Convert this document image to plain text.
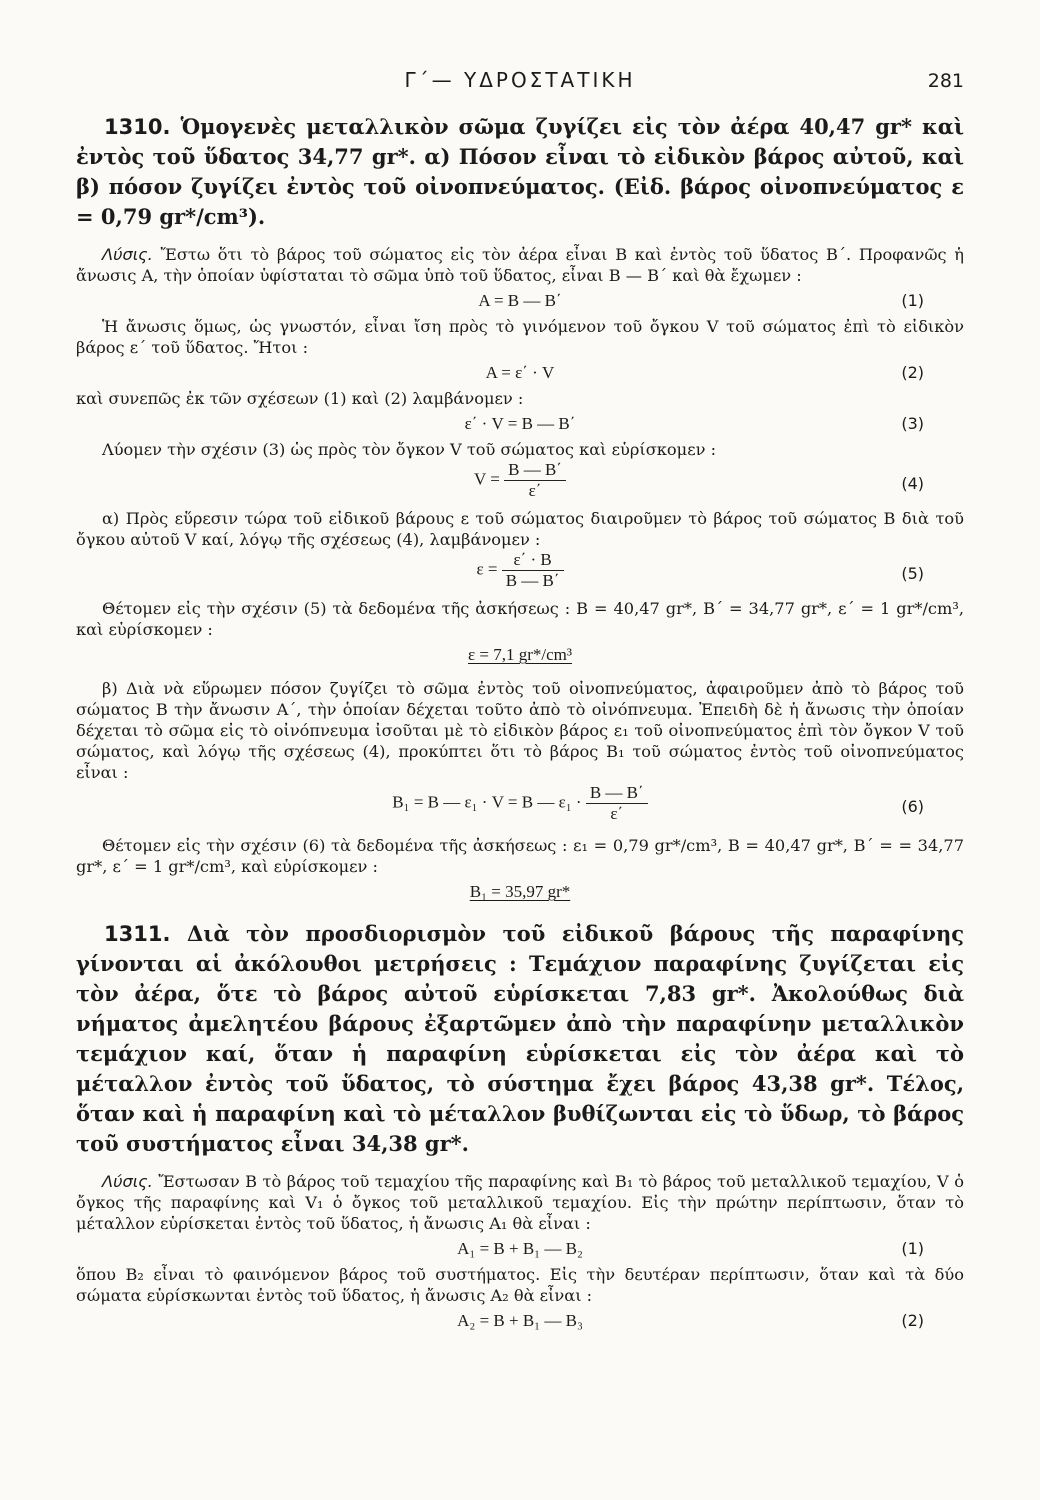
Γ΄— ΥΔΡΟΣΤΑΤΙΚΗ	281
1310. Ὁμογενὲς μεταλλικὸν σῶμα ζυγίζει εἰς τὸν ἀέρα 40,47 gr* καὶ ἐντὸς τοῦ ὕδατος 34,77 gr*. α) Πόσον εἶναι τὸ εἰδικὸν βάρος αὐτοῦ, καὶ β) πόσον ζυγίζει ἐντὸς τοῦ οἰνοπνεύματος. (Εἰδ. βάρος οἰνοπνεύματος ε = 0,79 gr*/cm³).

Λύσις. Ἔστω ὅτι τὸ βάρος τοῦ σώματος εἰς τὸν ἀέρα εἶναι Β καὶ ἐντὸς τοῦ ὕδατος Β΄. Προφανῶς ἡ ἄνωσις Α, τὴν ὁποίαν ὑφίσταται τὸ σῶμα ὑπὸ τοῦ ὕδατος, εἶναι Β — Β΄ καὶ θὰ ἔχωμεν :

Α = Β — Β΄	(1)

Ἡ ἄνωσις ὅμως, ὡς γνωστόν, εἶναι ἴση πρὸς τὸ γινόμενον τοῦ ὄγκου V τοῦ σώματος ἐπὶ τὸ εἰδικὸν βάρος ε΄ τοῦ ὕδατος. Ἤτοι :

Α = ε΄ · V	(2)

καὶ συνεπῶς ἐκ τῶν σχέσεων (1) καὶ (2) λαμβάνομεν :

ε΄ · V = Β — Β΄	(3)

Λύομεν τὴν σχέσιν (3) ὡς πρὸς τὸν ὄγκον V τοῦ σώματος καὶ εὑρίσκομεν :

$V = \frac{B — B΄}{\varepsilon΄}$	(4)

α) Πρὸς εὕρεσιν τώρα τοῦ εἰδικοῦ βάρους ε τοῦ σώματος διαιροῦμεν τὸ βάρος τοῦ σώματος Β διὰ τοῦ ὄγκου αὐτοῦ V καί, λόγῳ τῆς σχέσεως (4), λαμβάνομεν :

$\varepsilon = \frac{\varepsilon΄ \cdot B}{B — B΄}$	(5)

Θέτομεν εἰς τὴν σχέσιν (5) τὰ δεδομένα τῆς ἀσκήσεως : Β = 40,47 gr*, Β΄ = 34,77 gr*, ε΄ = 1 gr*/cm³, καὶ εὑρίσκομεν :

ε = 7,1 gr*/cm³

β) Διὰ νὰ εὕρωμεν πόσον ζυγίζει τὸ σῶμα ἐντὸς τοῦ οἰνοπνεύματος, ἀφαιροῦμεν ἀπὸ τὸ βάρος τοῦ σώματος Β τὴν ἄνωσιν Α΄, τὴν ὁποίαν δέχεται τοῦτο ἀπὸ τὸ οἰνόπνευμα. Ἐπειδὴ δὲ ἡ ἄνωσις τὴν ὁποίαν δέχεται τὸ σῶμα εἰς τὸ οἰνόπνευμα ἰσοῦται μὲ τὸ εἰδικὸν βάρος ε₁ τοῦ οἰνοπνεύματος ἐπὶ τὸν ὄγκον V τοῦ σώματος, καὶ λόγῳ τῆς σχέσεως (4), προκύπτει ὅτι τὸ βάρος Β₁ τοῦ σώματος ἐντὸς τοῦ οἰνοπνεύματος εἶναι :

Β₁ = Β — ε₁ · V = Β — $\varepsilon_1 \cdot \frac{B — B΄}{\varepsilon΄}$	(6)

Θέτομεν εἰς τὴν σχέσιν (6) τὰ δεδομένα τῆς ἀσκήσεως : ε₁ = 0,79 gr*/cm³, Β = 40,47 gr*, Β΄ = = 34,77 gr*, ε΄ = 1 gr*/cm³, καὶ εὑρίσκομεν :

Β₁ = 35,97 gr*
1311. Διὰ τὸν προσδιορισμὸν τοῦ εἰδικοῦ βάρους τῆς παραφίνης γίνονται αἱ ἀκόλουθοι μετρήσεις : Τεμάχιον παραφίνης ζυγίζεται εἰς τὸν ἀέρα, ὅτε τὸ βάρος αὐτοῦ εὑρίσκεται 7,83 gr*. Ἀκολούθως διὰ νήματος ἀμελητέου βάρους ἐξαρτῶμεν ἀπὸ τὴν παραφίνην μεταλλικὸν τεμάχιον καί, ὅταν ἡ παραφίνη εὑρίσκεται εἰς τὸν ἀέρα καὶ τὸ μέταλλον ἐντὸς τοῦ ὕδατος, τὸ σύστημα ἔχει βάρος 43,38 gr*. Τέλος, ὅταν καὶ ἡ παραφίνη καὶ τὸ μέταλλον βυθίζωνται εἰς τὸ ὕδωρ, τὸ βάρος τοῦ συστήματος εἶναι 34,38 gr*.

Λύσις. Ἔστωσαν Β τὸ βάρος τοῦ τεμαχίου τῆς παραφίνης καὶ Β₁ τὸ βάρος τοῦ μεταλλικοῦ τεμαχίου, V ὁ ὄγκος τῆς παραφίνης καὶ V₁ ὁ ὄγκος τοῦ μεταλλικοῦ τεμαχίου. Εἰς τὴν πρώτην περίπτωσιν, ὅταν τὸ μέταλλον εὑρίσκεται ἐντὸς τοῦ ὕδατος, ἡ ἄνωσις Α₁ θὰ εἶναι :

Α₁ = Β + Β₁ — Β₂	(1)

ὅπου Β₂ εἶναι τὸ φαινόμενον βάρος τοῦ συστήματος. Εἰς τὴν δευτέραν περίπτωσιν, ὅταν καὶ τὰ δύο σώματα εὑρίσκωνται ἐντὸς τοῦ ὕδατος, ἡ ἄνωσις Α₂ θὰ εἶναι :

Α₂ = Β + Β₁ — Β₃	(2)
